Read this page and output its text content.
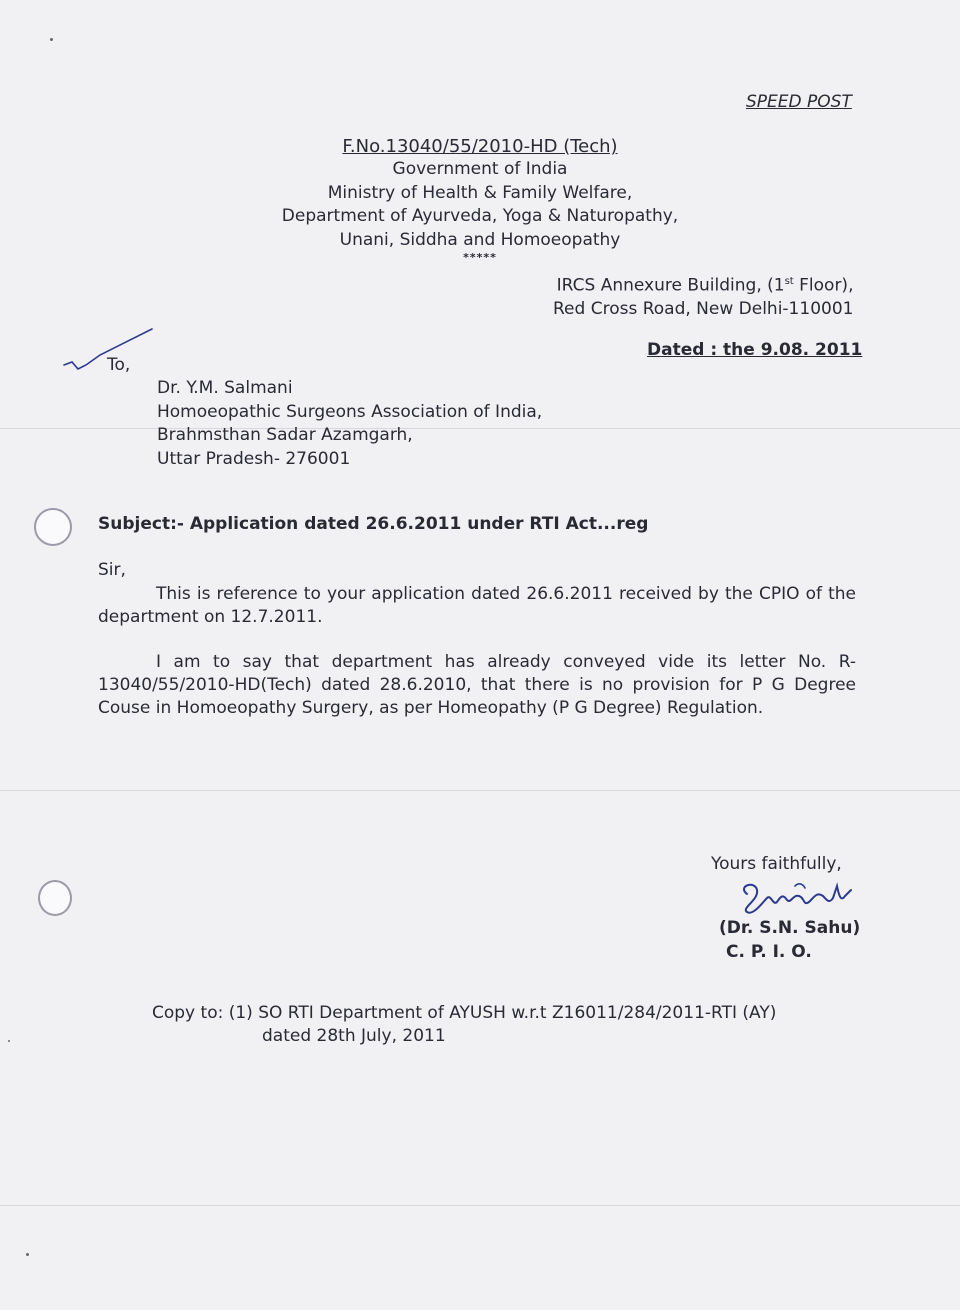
SPEED POST
F.No.13040/55/2010-HD (Tech)
Government of India
Ministry of Health & Family Welfare,
Department of Ayurveda, Yoga & Naturopathy,
Unani, Siddha and Homoeopathy
*****
IRCS Annexure Building, (1st Floor),
Red Cross Road, New Delhi-110001
Dated : the 9.08. 2011
To,
Dr. Y.M. Salmani
Homoeopathic Surgeons Association of India,
Brahmsthan Sadar Azamgarh,
Uttar Pradesh- 276001
Subject:- Application dated 26.6.2011 under RTI Act...reg
Sir,
This is reference to your application dated 26.6.2011 received by the CPIO of the department on 12.7.2011.
I am to say that department has already conveyed vide its letter No. R-13040/55/2010-HD(Tech) dated 28.6.2010, that there is no provision for P G Degree Couse in Homoeopathy Surgery, as per Homeopathy (P G Degree) Regulation.
Yours faithfully,
(Dr. S.N. Sahu)
C. P. I. O.
Copy to: (1) SO RTI Department of AYUSH w.r.t Z16011/284/2011-RTI (AY)
dated 28th July, 2011
